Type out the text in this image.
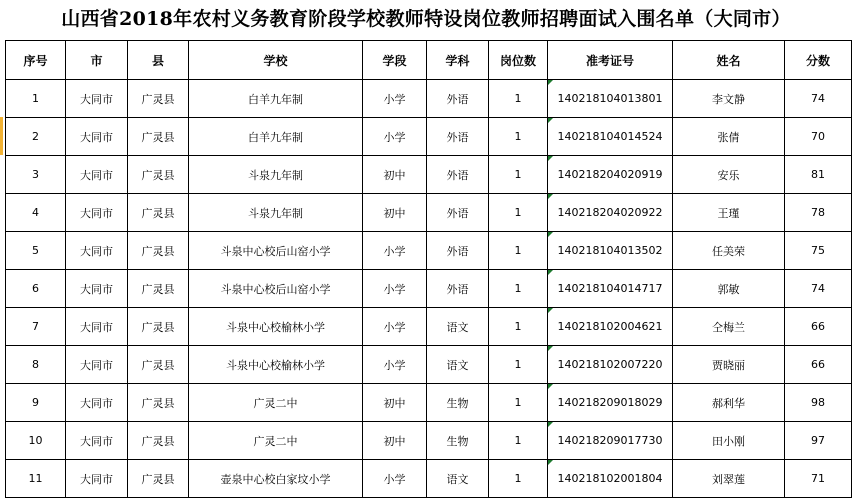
山西省2018年农村义务教育阶段学校教师特设岗位教师招聘面试入围名单（大同市）
序号	市	县	学校	学段	学科	岗位数	准考证号	姓名	分数
1	大同市	广灵县	白羊九年制	小学	外语	1	140218104013801	李文静	74
2	大同市	广灵县	白羊九年制	小学	外语	1	140218104014524	张倩	70
3	大同市	广灵县	斗泉九年制	初中	外语	1	140218204020919	安乐	81
4	大同市	广灵县	斗泉九年制	初中	外语	1	140218204020922	王瑾	78
5	大同市	广灵县	斗泉中心校后山窑小学	小学	外语	1	140218104013502	任美荣	75
6	大同市	广灵县	斗泉中心校后山窑小学	小学	外语	1	140218104014717	郭敏	74
7	大同市	广灵县	斗泉中心校榆林小学	小学	语文	1	140218102004621	仝梅兰	66
8	大同市	广灵县	斗泉中心校榆林小学	小学	语文	1	140218102007220	贾晓丽	66
9	大同市	广灵县	广灵二中	初中	生物	1	140218209018029	郝利华	98
10	大同市	广灵县	广灵二中	初中	生物	1	140218209017730	田小刚	97
11	大同市	广灵县	壶泉中心校白家坟小学	小学	语文	1	140218102001804	刘翠莲	71
